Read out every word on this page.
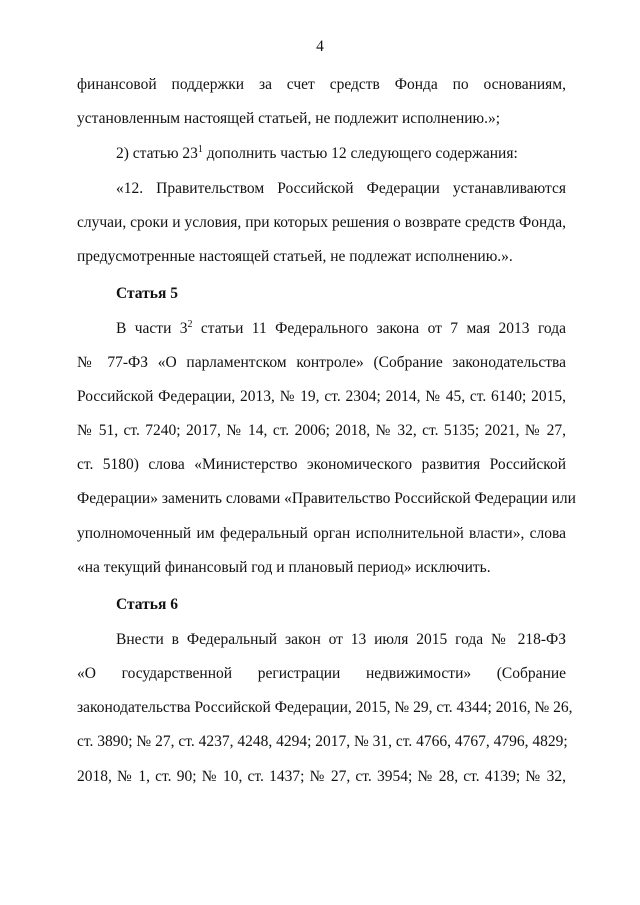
4
финансовой поддержки за счет средств Фонда по основаниям,
установленным настоящей статьей, не подлежит исполнению.»;
2) статью $23^1$ дополнить частью 12 следующего содержания:
«12. Правительством Российской Федерации устанавливаются
случаи, сроки и условия, при которых решения о возврате средств Фонда,
предусмотренные настоящей статьей, не подлежат исполнению.».
Статья 5
В части $3^2$ статьи 11 Федерального закона от 7 мая 2013 года
№ 77-ФЗ «О парламентском контроле» (Собрание законодательства
Российской Федерации, 2013, № 19, ст. 2304; 2014, № 45, ст. 6140; 2015,
№ 51, ст. 7240; 2017, № 14, ст. 2006; 2018, № 32, ст. 5135; 2021, № 27,
ст. 5180) слова «Министерство экономического развития Российской
Федерации» заменить словами «Правительство Российской Федерации или
уполномоченный им федеральный орган исполнительной власти», слова
«на текущий финансовый год и плановый период» исключить.
Статья 6
Внести в Федеральный закон от 13 июля 2015 года № 218-ФЗ
«О государственной регистрации недвижимости» (Собрание
законодательства Российской Федерации, 2015, № 29, ст. 4344; 2016, № 26,
ст. 3890; № 27, ст. 4237, 4248, 4294; 2017, № 31, ст. 4766, 4767, 4796, 4829;
2018, № 1, ст. 90; № 10, ст. 1437; № 27, ст. 3954; № 28, ст. 4139; № 32,
